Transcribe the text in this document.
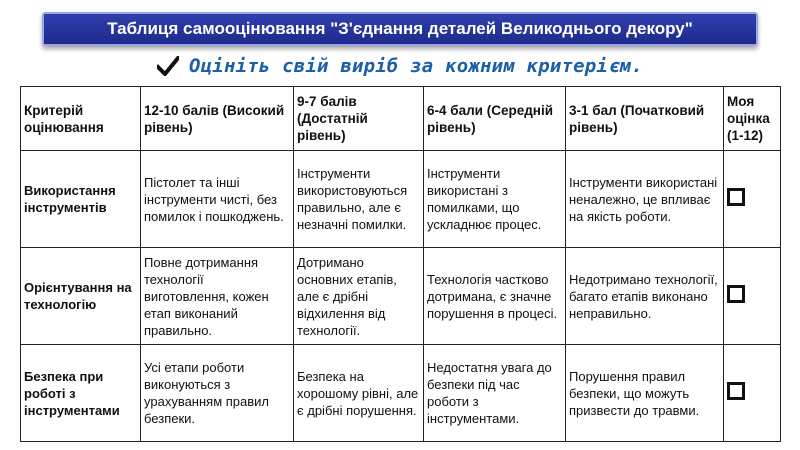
Таблиця самооцінювання "З'єднання деталей Великоднього декору"
Оцініть свій виріб за кожним критерієм.
Критерій оцінювання	12-10 балів (Високий рівень)	9-7 балів (Достатній рівень)	6-4 бали (Середній рівень)	3-1 бал (Початковий рівень)	Моя оцінка (1-12)
Використання інструментів	Пістолет та інші інструменти чисті, без помилок і пошкоджень.	Інструменти використовуються правильно, але є незначні помилки.	Інструменти використані з помилками, що ускладнює процес.	Інструменти використані неналежно, це впливає на якість роботи.	
Орієнтування на технологію	Повне дотримання технології виготовлення, кожен етап виконаний правильно.	Дотримано основних етапів, але є дрібні відхилення від технології.	Технологія частково дотримана, є значне порушення в процесі.	Недотримано технології, багато етапів виконано неправильно.	
Безпека при роботі з інструментами	Усі етапи роботи виконуються з урахуванням правил безпеки.	Безпека на хорошому рівні, але є дрібні порушення.	Недостатня увага до безпеки під час роботи з інструментами.	Порушення правил безпеки, що можуть призвести до травми.	
